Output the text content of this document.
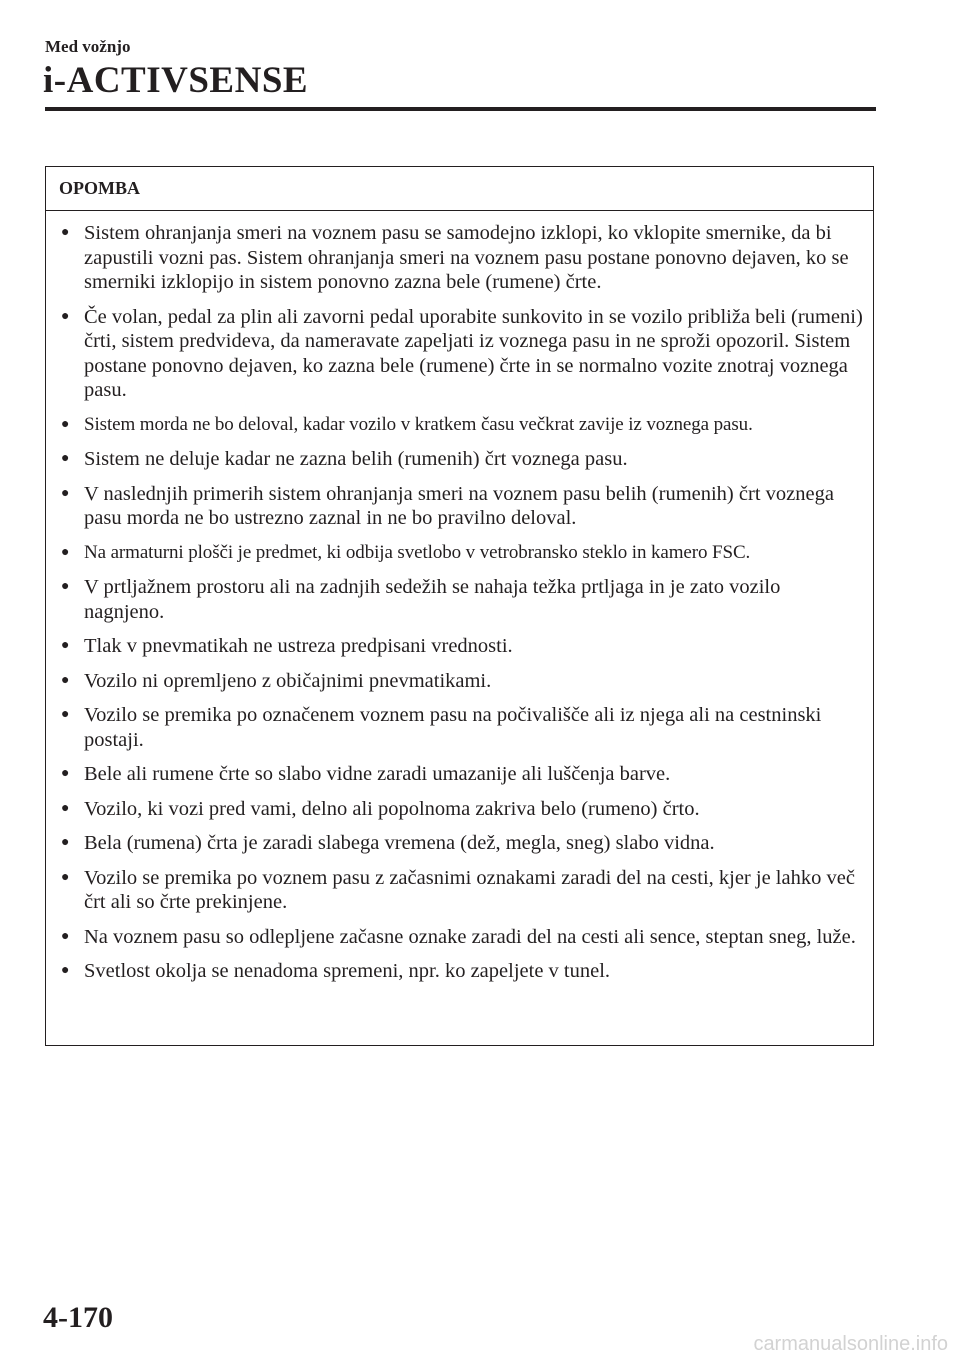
Med vožnjo
i-ACTIVSENSE
OPOMBA
● Sistem ohranjanja smeri na voznem pasu se samodejno izklopi, ko vklopite smernike, da bi zapustili vozni pas. Sistem ohranjanja smeri na voznem pasu postane ponovno dejaven, ko se smerniki izklopijo in sistem ponovno zazna bele (rumene) črte.
● Če volan, pedal za plin ali zavorni pedal uporabite sunkovito in se vozilo približa beli (rumeni) črti, sistem predvideva, da nameravate zapeljati iz voznega pasu in ne sproži opozoril. Sistem postane ponovno dejaven, ko zazna bele (rumene) črte in se normalno vozite znotraj voznega pasu.
● Sistem morda ne bo deloval, kadar vozilo v kratkem času večkrat zavije iz voznega pasu.
● Sistem ne deluje kadar ne zazna belih (rumenih) črt voznega pasu.
● V naslednjih primerih sistem ohranjanja smeri na voznem pasu belih (rumenih) črt voznega pasu morda ne bo ustrezno zaznal in ne bo pravilno deloval.
● Na armaturni plošči je predmet, ki odbija svetlobo v vetrobransko steklo in kamero FSC.
● V prtljažnem prostoru ali na zadnjih sedežih se nahaja težka prtljaga in je zato vozilo nagnjeno.
● Tlak v pnevmatikah ne ustreza predpisani vrednosti.
● Vozilo ni opremljeno z običajnimi pnevmatikami.
● Vozilo se premika po označenem voznem pasu na počivališče ali iz njega ali na cestninski postaji.
● Bele ali rumene črte so slabo vidne zaradi umazanije ali luščenja barve.
● Vozilo, ki vozi pred vami, delno ali popolnoma zakriva belo (rumeno) črto.
● Bela (rumena) črta je zaradi slabega vremena (dež, megla, sneg) slabo vidna.
● Vozilo se premika po voznem pasu z začasnimi oznakami zaradi del na cesti, kjer je lahko več črt ali so črte prekinjene.
● Na voznem pasu so odlepljene začasne oznake zaradi del na cesti ali sence, steptan sneg, luže.
● Svetlost okolja se nenadoma spremeni, npr. ko zapeljete v tunel.
4-170
carmanualsonline.info
